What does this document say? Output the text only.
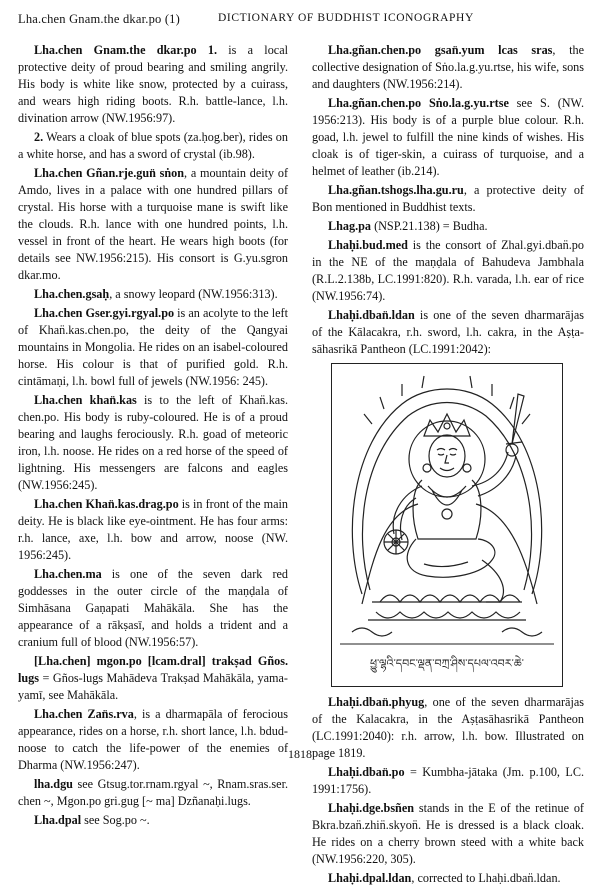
Lha.chen Gnam.the dkar.po (1)	DICTIONARY OF BUDDHIST ICONOGRAPHY

Lha.chen Gnam.the dkar.po 1. is a local protective deity of proud bearing and smiling angrily. His body is white like snow, protected by a cuirass, and wears high riding boots. R.h. battle-lance, l.h. divination arrow (NW.1956:97).

2. Wears a cloak of blue spots (za.ḥog.ber), rides on a white horse, and has a sword of crystal (ib.98).

Lha.chen Gñan.rje.gun̈ sṅon, a mountain deity of Amdo, lives in a palace with one hundred pillars of crystal. His horse with a turquoise mane is swift like the clouds. R.h. lance with one hundred points, l.h. vessel in front of the heart. He wears high boots (for details see NW.1956:215). His consort is G.yu.sgron dkar.mo.

Lha.chen.gsaḥ, a snowy leopard (NW.1956:313).

Lha.chen Gser.gyi.rgyal.po is an acolyte to the left of Khan̈.kas.chen.po, the deity of the Qangyai mountains in Mongolia. He rides on an isabel-coloured horse. His colour is that of purified gold. R.h. cintāmaṇi, l.h. bowl full of jewels (NW.1956: 245).

Lha.chen khan̈.kas is to the left of Khan̈.kas. chen.po. His body is ruby-coloured. He is of a proud bearing and laughs ferociously. R.h. goad of meteoric iron, l.h. noose. He rides on a red horse of the speed of lightning. His messengers are falcons and eagles (NW.1956:245).

Lha.chen Khan̈.kas.drag.po is in front of the main deity. He is black like eye-ointment. He has four arms: r.h. lance, axe, l.h. bow and arrow, noose (NW. 1956:245).

Lha.chen.ma is one of the seven dark red goddesses in the outer circle of the maṇḍala of Simhāsana Gaṇapati Mahākāla. She has the appearance of a rākṣasī, and holds a trident and a cranium full of blood (NW.1956:57).

[Lha.chen] mgon.po [lcam.dral] trakṣad Gños. lugs = Gños-lugs Mahādeva Trakṣad Mahākāla, yama-yamī, see Mahākāla.

Lha.chen Zan̈s.rva, is a dharmapāla of ferocious appearance, rides on a horse, r.h. short lance, l.h. bdud-noose to catch the life-power of the enemies of Dharma (NW.1956:247).

lha.dgu see Gtsug.tor.rnam.rgyal ~, Rnam.sras.ser. chen ~, Mgon.po gri.gug [~ ma] Dzñanaḥi.lugs.

Lha.dpal see Sog.po ~.

Lha.gñan.chen.po gsan̈.yum lcas sras, the collective designation of Sṅo.la.g.yu.rtse, his wife, sons and daughters (NW.1956:214).

Lha.gñan.chen.po Sṅo.la.g.yu.rtse see S. (NW. 1956:213). His body is of a purple blue colour. R.h. goad, l.h. jewel to fulfill the nine kinds of wishes. His cloak is of tiger-skin, a cuirass of turquoise, and a helmet of leather (ib.214).

Lha.gñan.tshogs.lha.gu.ru, a protective deity of Bon mentioned in Buddhist texts.

Lhag.pa (NSP.21.138) = Budha.

Lhaḥi.bud.med is the consort of Zhal.gyi.dban̈.po in the NE of the maṇḍala of Bahudeva Jambhala (R.L.2.138b, LC.1991:820). R.h. varada, l.h. ear of rice (NW.1956:74).

Lhaḥi.dban̈.ldan is one of the seven dharmarājas of the Kālacakra, r.h. sword, l.h. cakra, in the Aṣṭa-sāhasrikā Pantheon (LC.1991:2042):

ཕྱུ་ལྷའི་དབང་ལྡན་བཀྲ་ཤིས་དཔལ་འབར་ཆེ་

Lhaḥi.dban̈.phyug, one of the seven dharmarājas of the Kalacakra, in the Aṣṭasāhasrikā Pantheon (LC.1991:2040): r.h. arrow, l.h. bow. Illustrated on page 1819.

Lhaḥi.dban̈.po = Kumbha-jātaka (Jm. p.100, LC. 1991:1756).

Lhaḥi.dge.bsñen stands in the E of the retinue of Bkra.bzan̈.zhin̈.skyon̈. He is dressed is a black cloak. He rides on a cherry brown steed with a white back (NW.1956:220, 305).

Lhaḥi.dpal.ldan, corrected to Lhaḥi.dban̈.ldan.

1818
